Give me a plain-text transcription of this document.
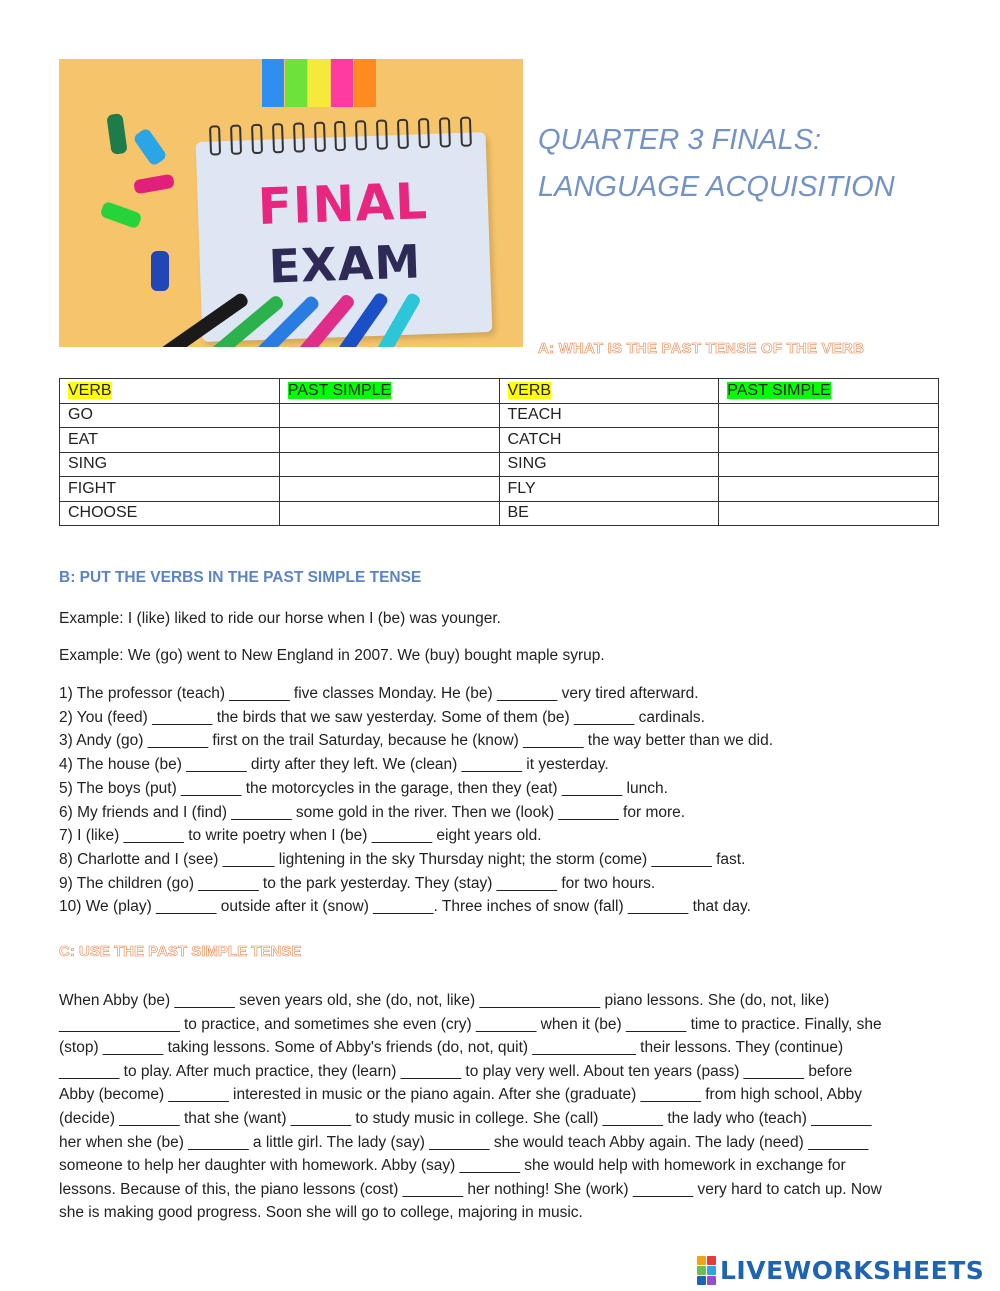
FINAL
EXAM
QUARTER 3 FINALS:
LANGUAGE ACQUISITION
A: WHAT IS THE PAST TENSE OF THE VERB
VERB	PAST SIMPLE	VERB	PAST SIMPLE
GO		TEACH	
EAT		CATCH	
SING		SING	
FIGHT		FLY	
CHOOSE		BE	
B: PUT THE VERBS IN THE PAST SIMPLE TENSE
Example: I (like) liked to ride our horse when I (be) was younger.
Example: We (go) went to New England in 2007. We (buy) bought maple syrup.
1) The professor (teach) _______ five classes Monday. He (be) _______ very tired afterward.
2) You (feed) _______ the birds that we saw yesterday. Some of them (be) _______ cardinals.
3) Andy (go) _______ first on the trail Saturday, because he (know) _______ the way better than we did.
4) The house (be) _______ dirty after they left. We (clean) _______ it yesterday.
5) The boys (put) _______ the motorcycles in the garage, then they (eat) _______ lunch.
6) My friends and I (find) _______ some gold in the river. Then we (look) _______ for more.
7) I (like) _______ to write poetry when I (be) _______ eight years old.
8) Charlotte and I (see) ______ lightening in the sky Thursday night; the storm (come) _______ fast.
9) The children (go) _______ to the park yesterday. They (stay) _______ for two hours.
10) We (play) _______ outside after it (snow) _______. Three inches of snow (fall) _______ that day.
C: USE THE PAST SIMPLE TENSE
When Abby (be) _______ seven years old, she (do, not, like) ______________ piano lessons. She (do, not, like)
______________ to practice, and sometimes she even (cry) _______ when it (be) _______ time to practice. Finally, she
(stop) _______ taking lessons. Some of Abby's friends (do, not, quit) ____________ their lessons. They (continue)
_______ to play. After much practice, they (learn) _______ to play very well. About ten years (pass) _______ before
Abby (become) _______ interested in music or the piano again. After she (graduate) _______ from high school, Abby
(decide) _______ that she (want) _______ to study music in college. She (call) _______ the lady who (teach) _______
her when she (be) _______ a little girl. The lady (say) _______ she would teach Abby again. The lady (need) _______
someone to help her daughter with homework. Abby (say) _______ she would help with homework in exchange for
lessons. Because of this, the piano lessons (cost) _______ her nothing! She (work) _______ very hard to catch up. Now
she is making good progress. Soon she will go to college, majoring in music.
LIVEWORKSHEETS
